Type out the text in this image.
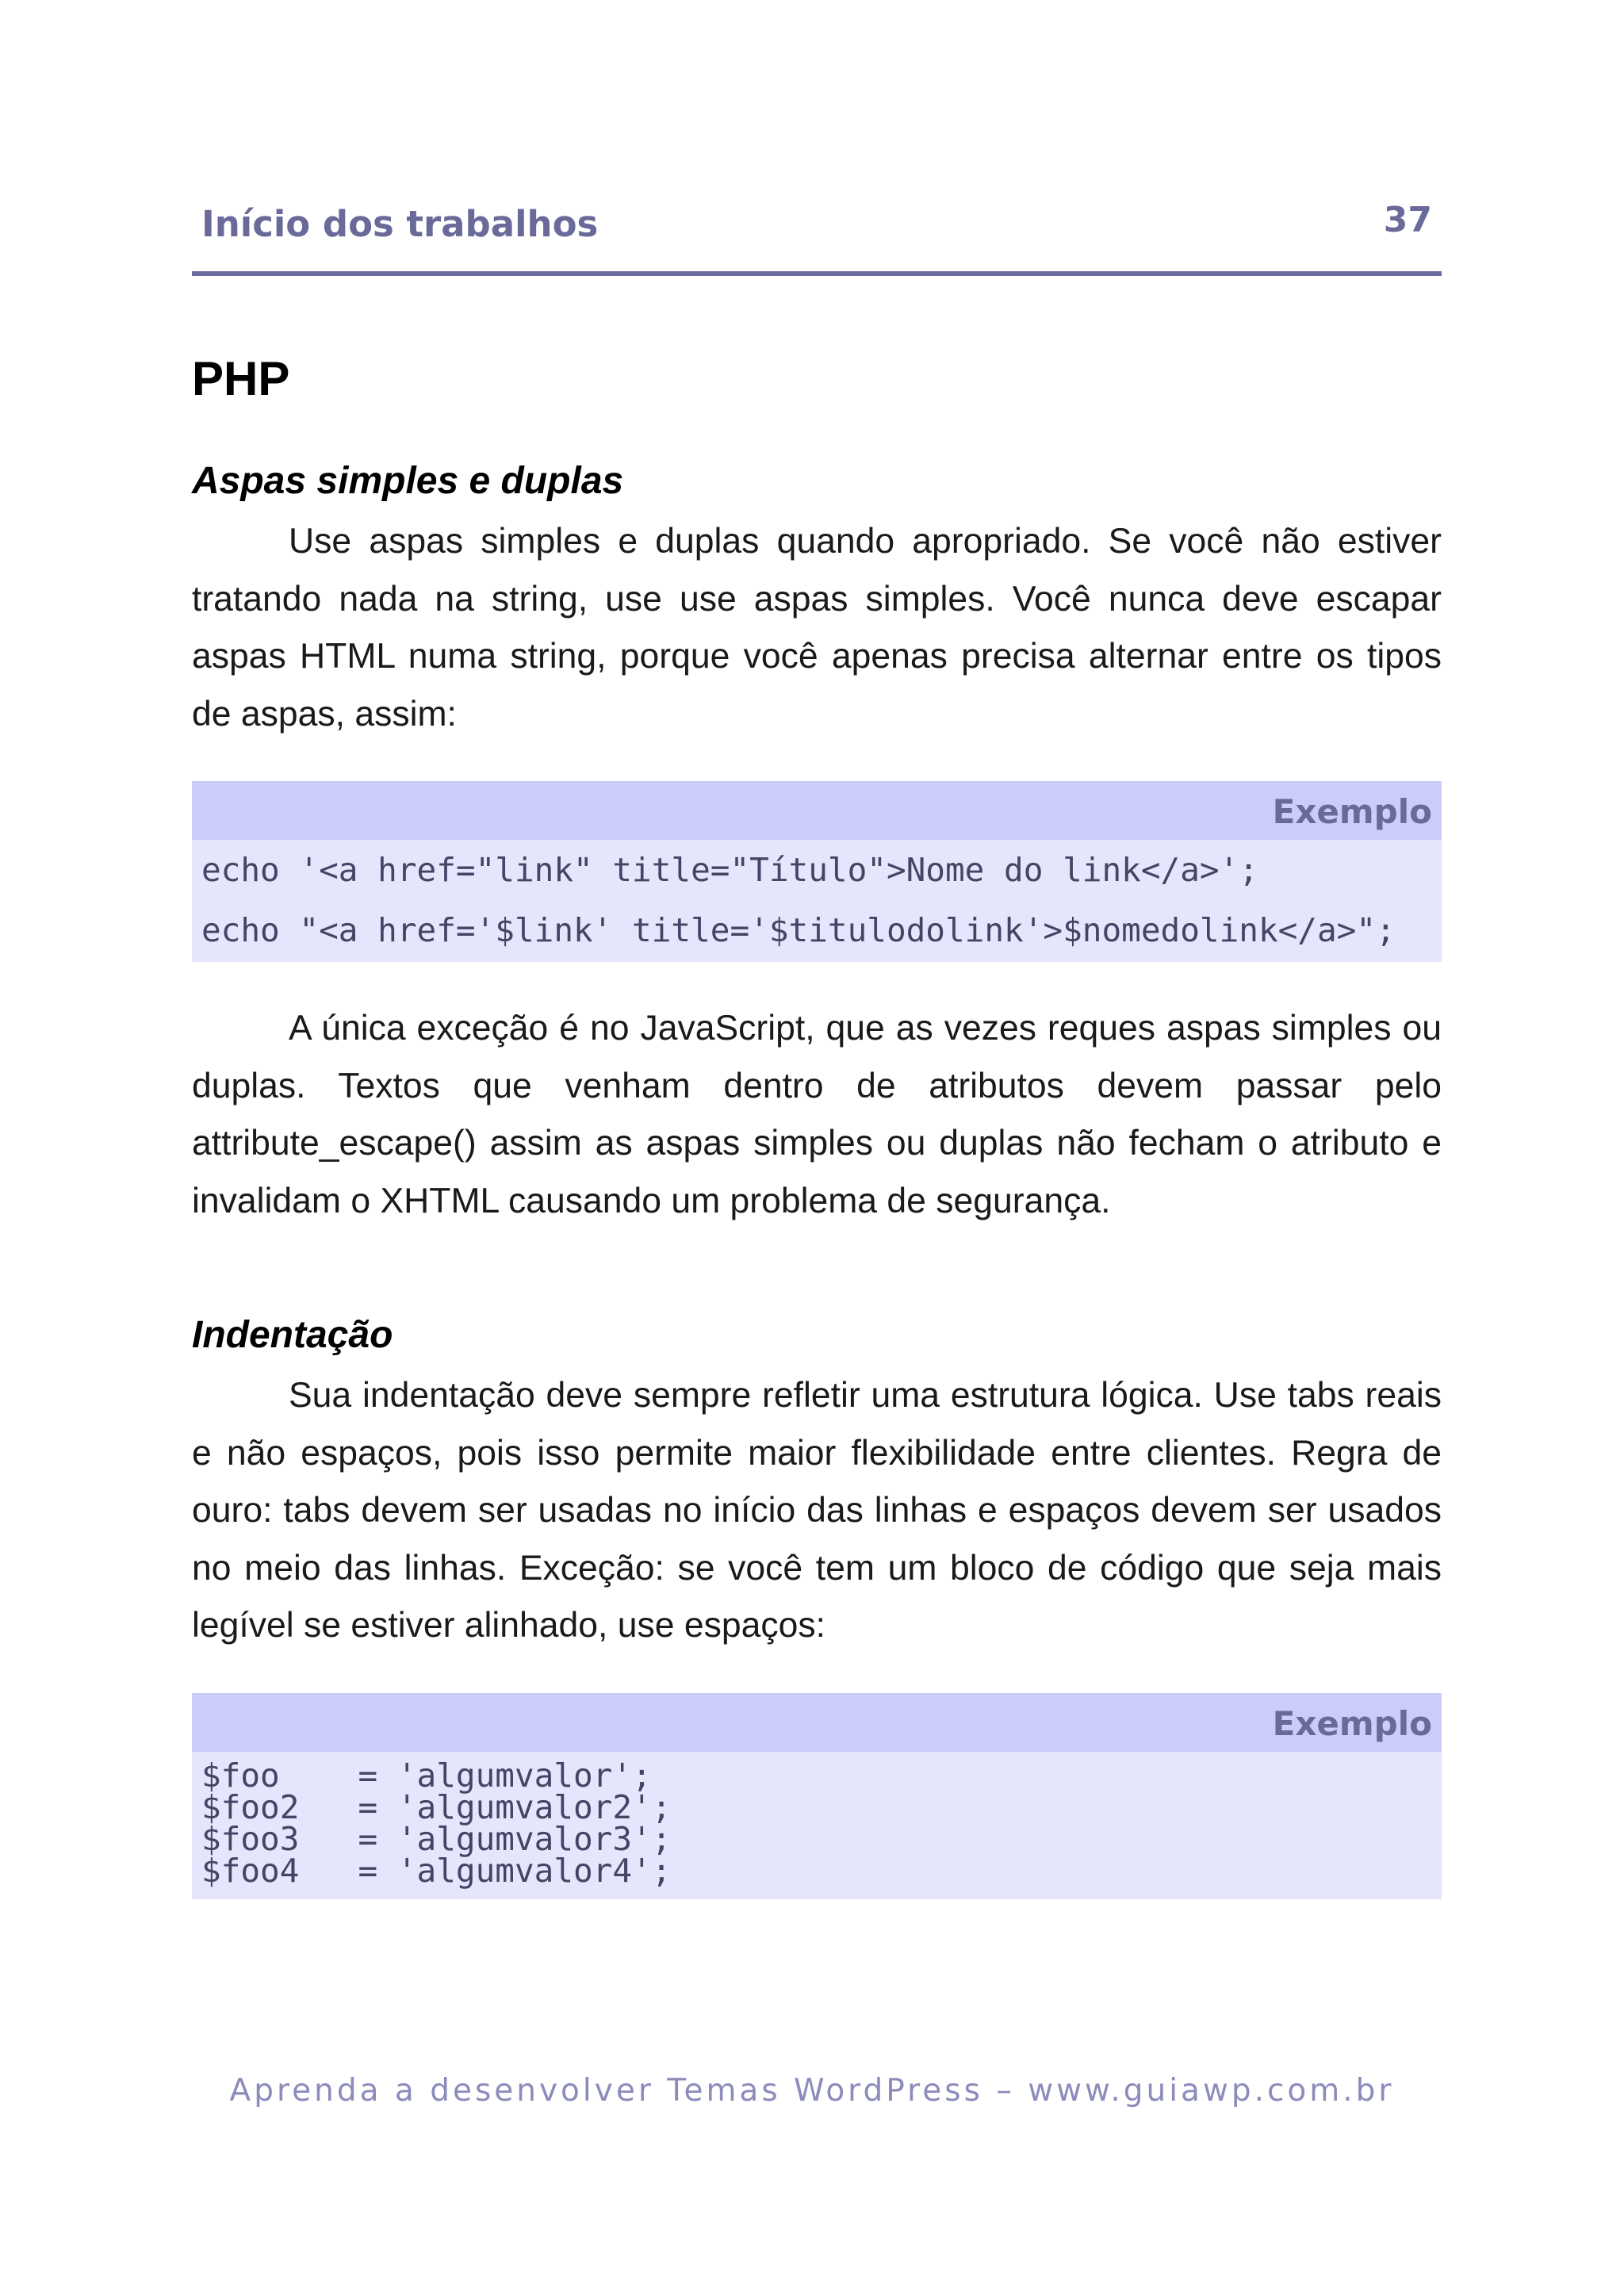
Início dos trabalhos	37
PHP
Aspas simples e duplas

Use aspas simples e duplas quando apropriado. Se você não estiver tratando nada na string, use use aspas simples. Você nunca deve escapar aspas HTML numa string, porque você apenas precisa alternar entre os tipos de aspas, assim:

Exemplo
echo '<a href="link" title="Título">Nome do link</a>';
echo "<a href='$link' title='$titulodolink'>$nomedolink</a>";

A única exceção é no JavaScript, que as vezes reques aspas simples ou duplas. Textos que venham dentro de atributos devem passar pelo attribute_escape() assim as aspas simples ou duplas não fecham o atributo e invalidam o XHTML causando um problema de segurança.

Indentação

Sua indentação deve sempre refletir uma estrutura lógica. Use tabs reais e não espaços, pois isso permite maior flexibilidade entre clientes. Regra de ouro: tabs devem ser usadas no início das linhas e espaços devem ser usados no meio das linhas. Exceção: se você tem um bloco de código que seja mais legível se estiver alinhado, use espaços:

Exemplo
$foo    = 'algumvalor';
$foo2   = 'algumvalor2';
$foo3   = 'algumvalor3';
$foo4   = 'algumvalor4';
Aprenda a desenvolver Temas WordPress – www.guiawp.com.br
